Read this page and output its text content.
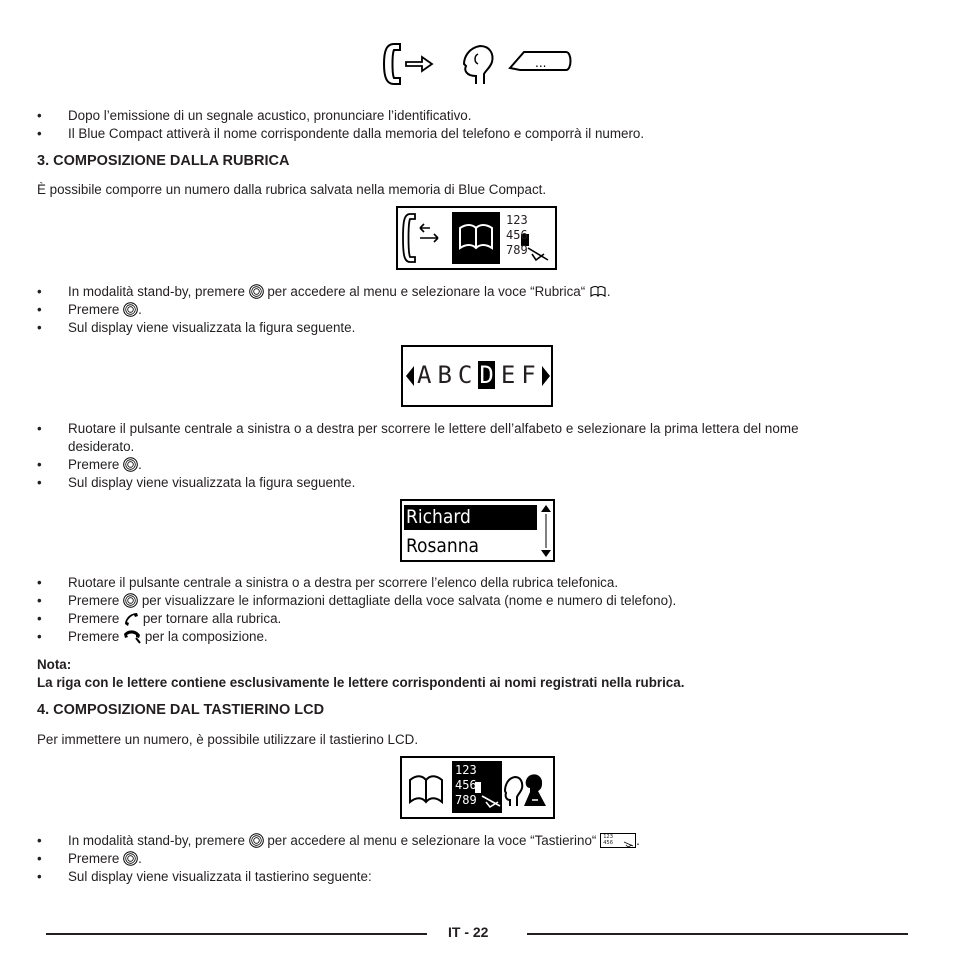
...
• Dopo l’emissione di un segnale acustico, pronunciare l’identificativo.
• Il Blue Compact attiverà il nome corrispondente dalla memoria del telefono e comporrà il numero.
3. COMPOSIZIONE DALLA RUBRICA
È possibile comporre un numero dalla rubrica salvata nella memoria di Blue Compact.
123
456
789
• In modalità stand-by, premere per accedere al menu e selezionare la voce “Rubrica“ .
• Premere .
• Sul display viene visualizzata la figura seguente.
A B C D E F
• Ruotare il pulsante centrale a sinistra o a destra per scorrere le lettere dell’alfabeto e selezionare la prima lettera del nome
desiderato.
• Premere .
• Sul display viene visualizzata la figura seguente.
Richard
Rosanna
• Ruotare il pulsante centrale a sinistra o a destra per scorrere l’elenco della rubrica telefonica.
• Premere per visualizzare le informazioni dettagliate della voce salvata (nome e numero di telefono).
• Premere per tornare alla rubrica.
• Premere per la composizione.
Nota:
La riga con le lettere contiene esclusivamente le lettere corrispondenti ai nomi registrati nella rubrica.
4. COMPOSIZIONE DAL TASTIERINO LCD
Per immettere un numero, è possibile utilizzare il tastierino LCD.
123
456
789
• In modalità stand-by, premere per accedere al menu e selezionare la voce “Tastierino“ 123
456 .
• Premere .
• Sul display viene visualizzata il tastierino seguente:
IT - 22
